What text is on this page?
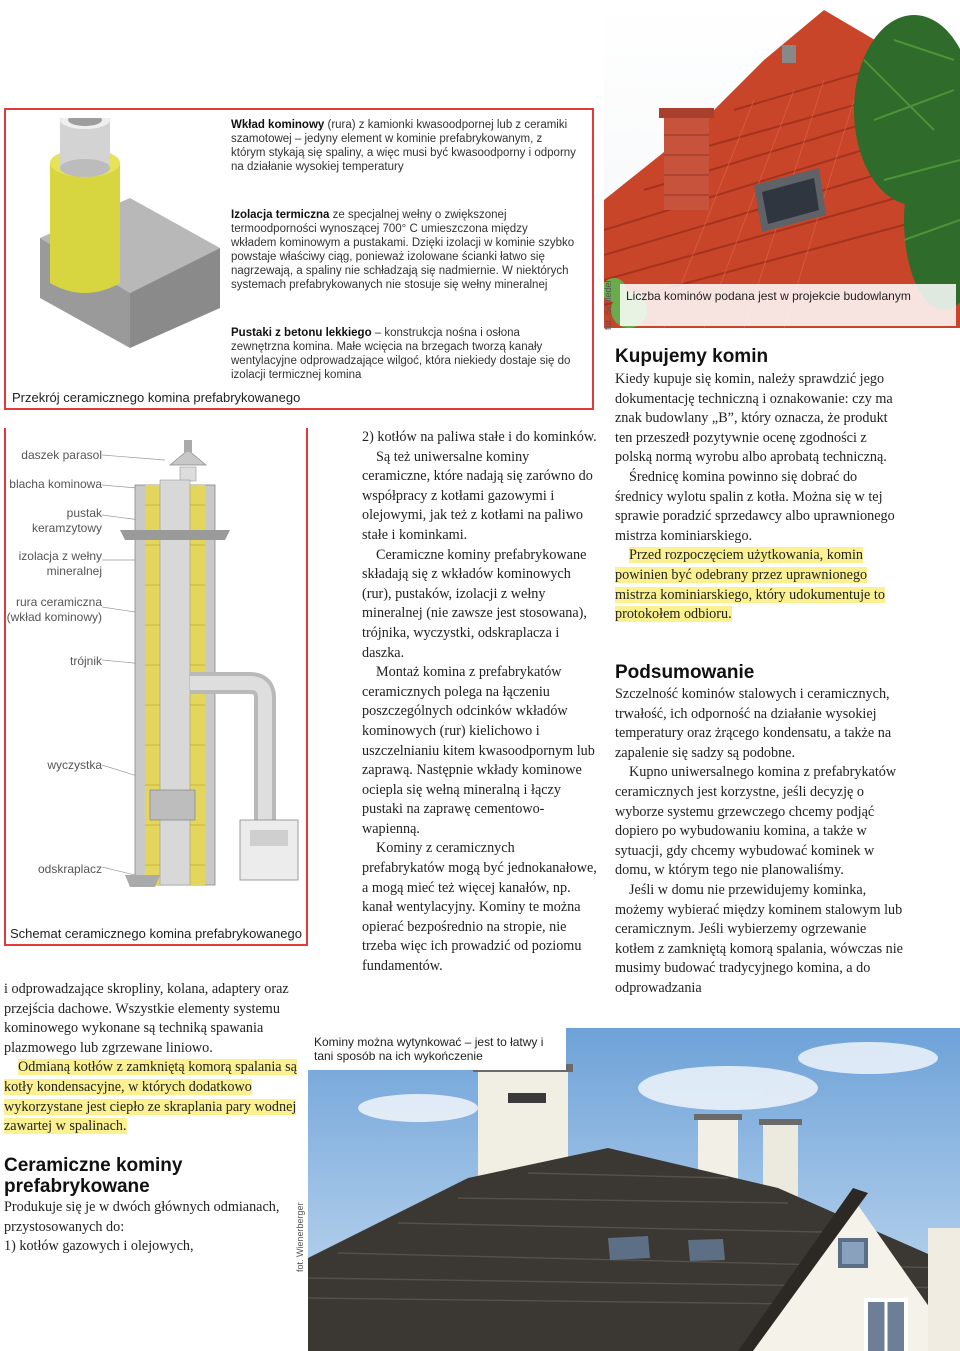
fot. Schiedel	Liczba kominów podana jest w projekcie budowlanym
Wkład kominowy (rura) z kamionki kwasoodpornej lub z ceramiki szamotowej – jedyny element w kominie prefabrykowanym, z którym stykają się spaliny, a więc musi być kwasoodporny i odporny na działanie wysokiej temperatury
Izolacja termiczna ze specjalnej wełny o zwiększonej termoodporności wynoszącej 700° C umieszczona między wkładem kominowym a pustakami. Dzięki izolacji w kominie szybko powstaje właściwy ciąg, ponieważ izolowane ścianki łatwo się nagrzewają, a spaliny nie schładzają się nadmiernie. W niektórych systemach prefabrykowanych nie stosuje się wełny mineralnej
Pustaki z betonu lekkiego – konstrukcja nośna i osłona zewnętrzna komina. Małe wcięcia na brzegach tworzą kanały wentylacyjne odprowadzające wilgoć, która niekiedy dostaje się do izolacji termicznej komina
Przekrój ceramicznego komina prefabrykowanego
daszek parasol
blacha kominowa
pustak
keramzytowy
izolacja z wełny
mineralnej
rura ceramiczna
(wkład kominowy)
trójnik
wyczystka
odskraplacz
Schemat ceramicznego komina prefabrykowanego

i odprowadzające skropliny, kolana, adaptery oraz przejścia dachowe. Wszystkie elementy systemu kominowego wykonane są techniką spawania plazmowego lub zgrzewane liniowo.

Odmianą kotłów z zamkniętą komorą spalania są kotły kondensacyjne, w których dodatkowo wykorzystane jest ciepło ze skraplania pary wodnej zawartej w spalinach.

Ceramiczne kominy prefabrykowane

Produkuje się je w dwóch głównych odmianach, przystosowanych do:

1) kotłów gazowych i olejowych,

2) kotłów na paliwa stałe i do kominków.

Są też uniwersalne kominy ceramiczne, które nadają się zarówno do współpracy z kotłami gazowymi i olejowymi, jak też z kotłami na paliwo stałe i kominkami.

Ceramiczne kominy prefabrykowane składają się z wkładów kominowych (rur), pustaków, izolacji z wełny mineralnej (nie zawsze jest stosowana), trójnika, wyczystki, odskraplacza i daszka.

Montaż komina z prefabrykatów ceramicznych polega na łączeniu poszczególnych odcinków wkładów kominowych (rur) kielichowo i uszczelnianiu kitem kwasoodpornym lub zaprawą. Następnie wkłady kominowe ociepla się wełną mineralną i łączy pustaki na zaprawę cementowo-wapienną.

Kominy z ceramicznych prefabrykatów mogą być jednokanałowe, a mogą mieć też więcej kanałów, np. kanał wentylacyjny. Kominy te można opierać bezpośrednio na stropie, nie trzeba więc ich prowadzić od poziomu fundamentów.

Kupujemy komin

Kiedy kupuje się komin, należy sprawdzić jego dokumentację techniczną i oznakowanie: czy ma znak budowlany „B”, który oznacza, że produkt ten przeszedł pozytywnie ocenę zgodności z polską normą wyrobu albo aprobatą techniczną.

Średnicę komina powinno się dobrać do średnicy wylotu spalin z kotła. Można się w tej sprawie poradzić sprzedawcy albo uprawnionego mistrza kominiarskiego.

Przed rozpoczęciem użytkowania, komin powinien być odebrany przez uprawnionego mistrza kominiarskiego, który udokumentuje to protokołem odbioru.

Podsumowanie

Szczelność kominów stalowych i ceramicznych, trwałość, ich odporność na działanie wysokiej temperatury oraz żrącego kondensatu, a także na zapalenie się sadzy są podobne.

Kupno uniwersalnego komina z prefabrykatów ceramicznych jest korzystne, jeśli decyzję o wyborze systemu grzewczego chcemy podjąć dopiero po wybudowaniu komina, a także w sytuacji, gdy chcemy wybudować kominek w domu, w którym tego nie planowaliśmy.

Jeśli w domu nie przewidujemy kominka, możemy wybierać między kominem stalowym lub ceramicznym. Jeśli wybierzemy ogrzewanie kotłem z zamkniętą komorą spalania, wówczas nie musimy budować tradycyjnego komina, a do odprowadzania

fot. Wienerberger
Kominy można wytynkować – jest to łatwy i tani sposób na ich wykończenie
